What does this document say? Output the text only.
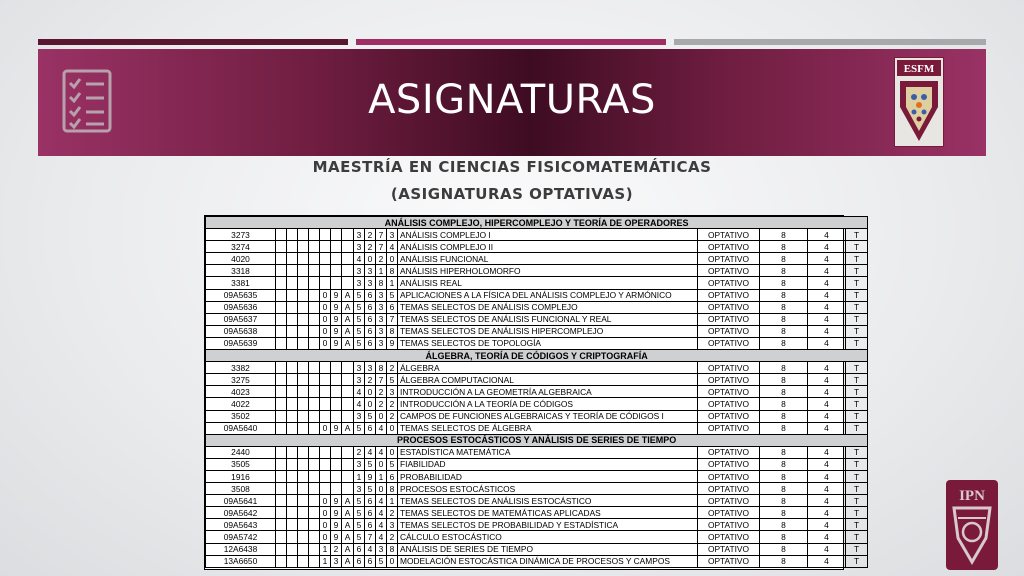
ASIGNATURAS
ESFM
MAESTRÍA EN CIENCIAS FISICOMATEMÁTICAS
(ASIGNATURAS OPTATIVAS)
ANÁLISIS COMPLEJO, HIPERCOMPLEJO Y TEORÍA DE OPERADORES																
3273								3	2	7	3	ANÁLISIS COMPLEJO I	OPTATIVO	8	4	T
3274								3	2	7	4	ANÁLISIS COMPLEJO II	OPTATIVO	8	4	T
4020								4	0	2	0	ANÁLISIS FUNCIONAL	OPTATIVO	8	4	T
3318								3	3	1	8	ANÁLISIS HIPERHOLOMORFO	OPTATIVO	8	4	T
3381								3	3	8	1	ANÁLISIS REAL	OPTATIVO	8	4	T
09A5635					0	9	A	5	6	3	5	APLICACIONES A LA FÍSICA DEL ANÁLISIS COMPLEJO Y ARMÓNICO	OPTATIVO	8	4	T
09A5636					0	9	A	5	6	3	6	TEMAS SELECTOS DE ANÁLISIS COMPLEJO	OPTATIVO	8	4	T
09A5637					0	9	A	5	6	3	7	TEMAS SELECTOS DE ANÁLISIS FUNCIONAL Y REAL	OPTATIVO	8	4	T
09A5638					0	9	A	5	6	3	8	TEMAS SELECTOS DE ANÁLISIS HIPERCOMPLEJO	OPTATIVO	8	4	T
09A5639					0	9	A	5	6	3	9	TEMAS SELECTOS DE TOPOLOGÍA	OPTATIVO	8	4	T
ÁLGEBRA, TEORÍA DE CÓDIGOS Y CRIPTOGRAFÍA																
3382								3	3	8	2	ÁLGEBRA	OPTATIVO	8	4	T
3275								3	2	7	5	ÁLGEBRA COMPUTACIONAL	OPTATIVO	8	4	T
4023								4	0	2	3	INTRODUCCIÓN A LA GEOMETRÍA ALGEBRAICA	OPTATIVO	8	4	T
4022								4	0	2	2	INTRODUCCIÓN A LA TEORÍA DE CÓDIGOS	OPTATIVO	8	4	T
3502								3	5	0	2	CAMPOS DE FUNCIONES ALGEBRAICAS Y TEORÍA DE CÓDIGOS I	OPTATIVO	8	4	T
09A5640					0	9	A	5	6	4	0	TEMAS SELECTOS DE ÁLGEBRA	OPTATIVO	8	4	T
PROCESOS ESTOCÁSTICOS Y ANÁLISIS DE SERIES DE TIEMPO																
2440								2	4	4	0	ESTADÍSTICA MATEMÁTICA	OPTATIVO	8	4	T
3505								3	5	0	5	FIABILIDAD	OPTATIVO	8	4	T
1916								1	9	1	6	PROBABILIDAD	OPTATIVO	8	4	T
3508								3	5	0	8	PROCESOS ESTOCÁSTICOS	OPTATIVO	8	4	T
09A5641					0	9	A	5	6	4	1	TEMAS SELECTOS DE ANÁLISIS ESTOCÁSTICO	OPTATIVO	8	4	T
09A5642					0	9	A	5	6	4	2	TEMAS SELECTOS DE MATEMÁTICAS APLICADAS	OPTATIVO	8	4	T
09A5643					0	9	A	5	6	4	3	TEMAS SELECTOS DE PROBABILIDAD Y ESTADÍSTICA	OPTATIVO	8	4	T
09A5742					0	9	A	5	7	4	2	CÁLCULO ESTOCÁSTICO	OPTATIVO	8	4	T
12A6438					1	2	A	6	4	3	8	ANÁLISIS DE SERIES DE TIEMPO	OPTATIVO	8	4	T
13A6650					1	3	A	6	6	5	0	MODELACIÓN ESTOCÁSTICA DINÁMICA DE PROCESOS Y CAMPOS	OPTATIVO	8	4	T
IPN
